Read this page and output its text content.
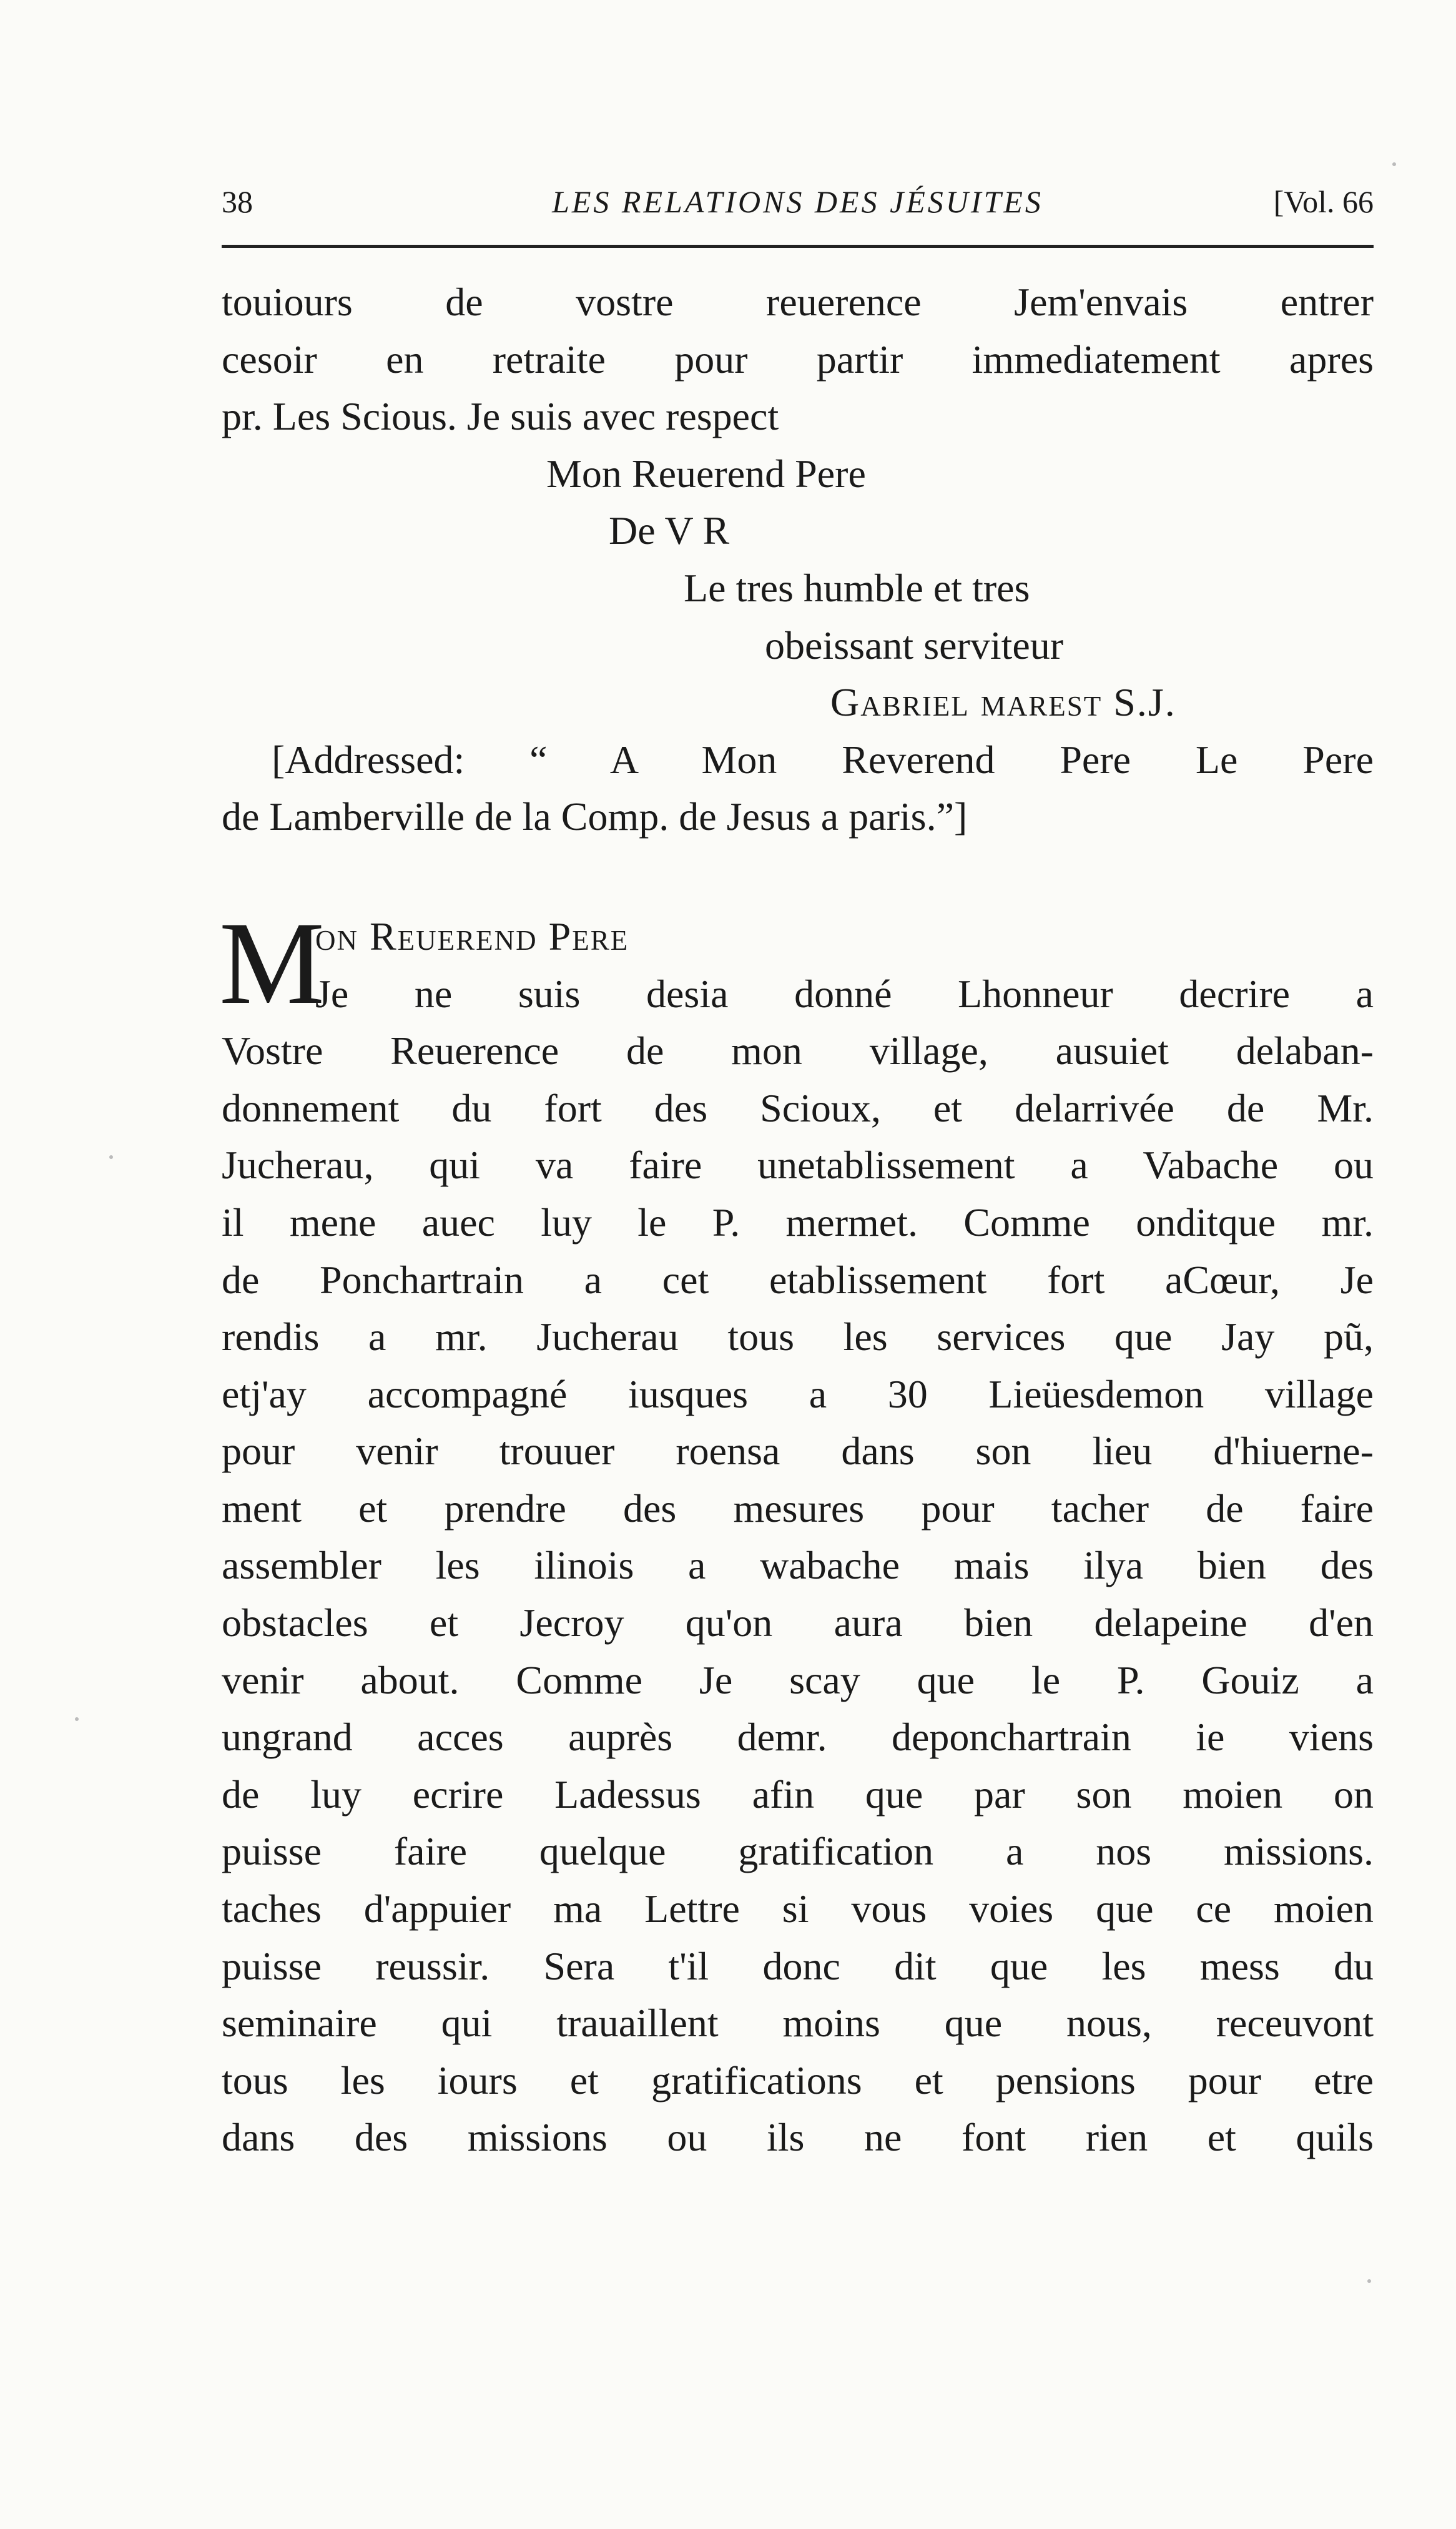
38	LES RELATIONS DES JÉSUITES	[Vol. 66
touiours de vostre reuerence Jem'envais entrer
cesoir en retraite pour partir immediatement apres
pr. Les Scious. Je suis avec respect
Mon Reuerend Pere
De V R
Le tres humble et tres
obeissant serviteur
Gabriel marest S.J.
[Addressed: “ A Mon Reverend Pere Le Pere
de Lamberville de la Comp. de Jesus a paris.”]
M
on Reuerend Pere
Je ne suis desia donné Lhonneur decrire a
Vostre Reuerence de mon village, ausuiet delaban-
donnement du fort des Scioux, et delarrivée de Mr.
Jucherau, qui va faire unetablissement a Vabache ou
il mene auec luy le P. mermet. Comme onditque mr.
de Ponchartrain a cet etablissement fort aCœur, Je
rendis a mr. Jucherau tous les services que Jay pũ,
etj'ay accompagné iusques a 30 Lieüesdemon village
pour venir trouuer roensa dans son lieu d'hiuerne-
ment et prendre des mesures pour tacher de faire
assembler les ilinois a wabache mais ilya bien des
obstacles et Jecroy qu'on aura bien delapeine d'en
venir about. Comme Je scay que le P. Gouiz a
ungrand acces auprès demr. deponchartrain ie viens
de luy ecrire Ladessus afin que par son moien on
puisse faire quelque gratification a nos missions.
taches d'appuier ma Lettre si vous voies que ce moien
puisse reussir. Sera t'il donc dit que les mess du
seminaire qui trauaillent moins que nous, receuvont
tous les iours et gratifications et pensions pour etre
dans des missions ou ils ne font rien et quils
